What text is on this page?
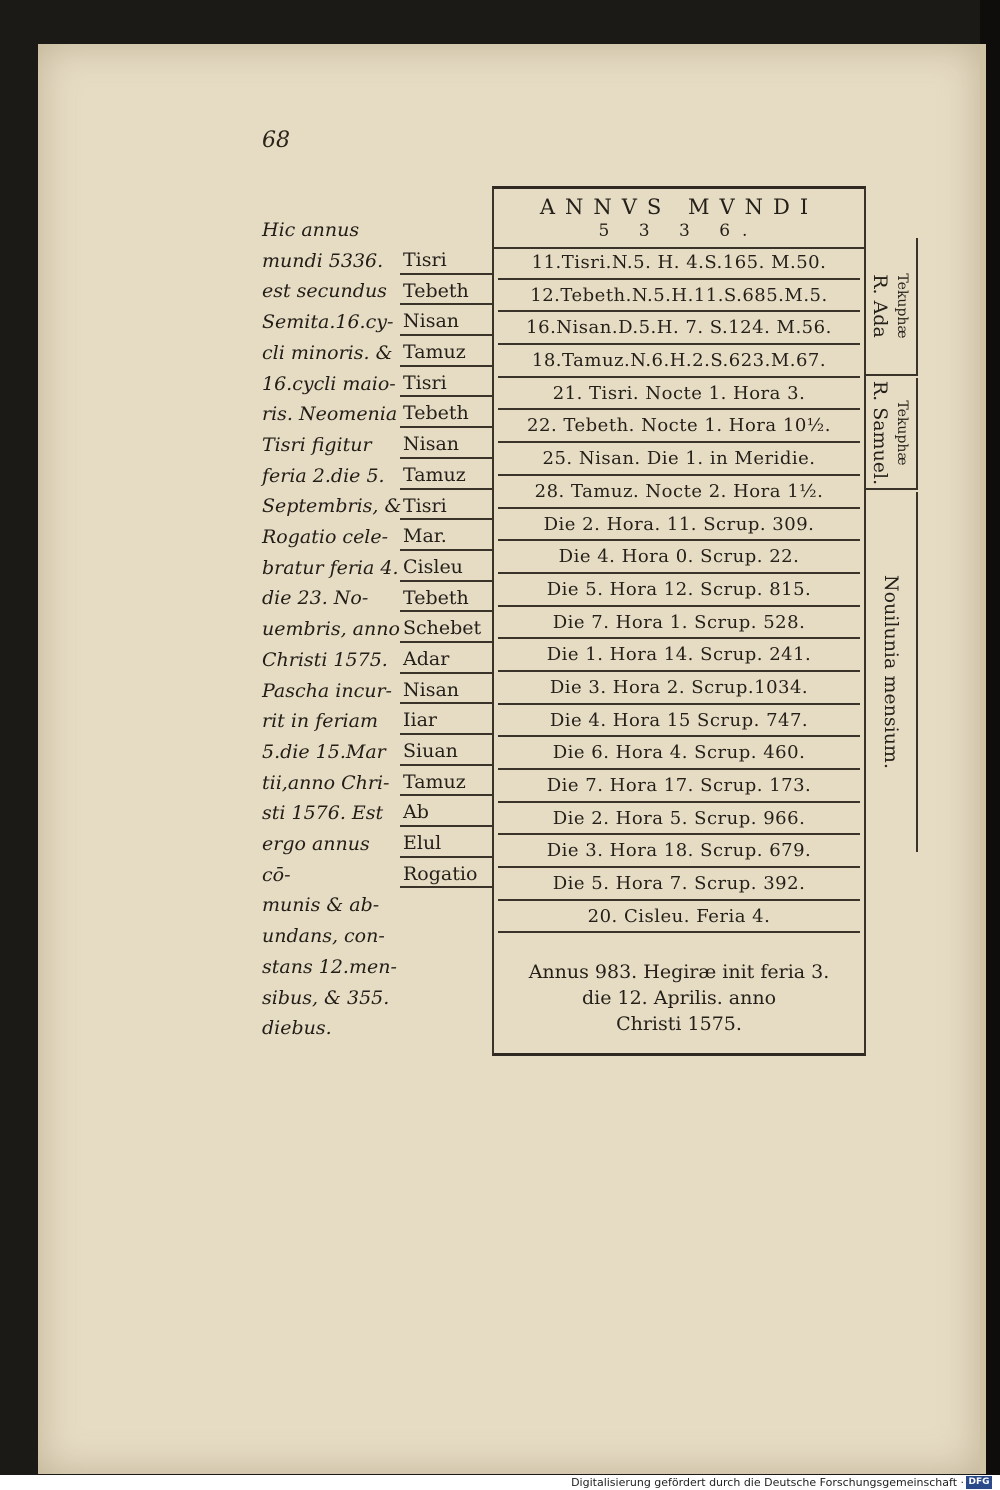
68
Hic annus
mundi 5336.
est secundus
Semita.16.cy-
cli minoris. &
16.cycli maio-
ris. Neomenia
Tisri figitur
feria 2.die 5.
Septembris, &
Rogatio cele-
bratur feria 4.
die 23. No-
uembris, anno
Christi 1575.
Pascha incur-
rit in feriam
5.die 15.Mar
tii,anno Chri-
sti 1576. Est
ergo annus cō-
munis & ab-
undans, con-
stans 12.men-
sibus, & 355.
diebus.
Tisri
Tebeth
Nisan
Tamuz
Tisri
Tebeth
Nisan
Tamuz
Tisri
Mar.
Cisleu
Tebeth
Schebet
Adar
Nisan
Iiar
Siuan
Tamuz
Ab
Elul
Rogatio
ANNVS MVNDI
5 3 3 6.
11.Tisri.N.5. H. 4.S.165. M.50.
12.Tebeth.N.5.H.11.S.685.M.5.
16.Nisan.D.5.H. 7. S.124. M.56.
18.Tamuz.N.6.H.2.S.623.M.67.
21. Tisri. Nocte 1. Hora 3.
22. Tebeth. Nocte 1. Hora 10½.
25. Nisan. Die 1. in Meridie.
28. Tamuz. Nocte 2. Hora 1½.
Die 2. Hora. 11. Scrup. 309.
Die 4. Hora 0. Scrup. 22.
Die 5. Hora 12. Scrup. 815.
Die 7. Hora 1. Scrup. 528.
Die 1. Hora 14. Scrup. 241.
Die 3. Hora 2. Scrup.1034.
Die 4. Hora 15 Scrup. 747.
Die 6. Hora 4. Scrup. 460.
Die 7. Hora 17. Scrup. 173.
Die 2. Hora 5. Scrup. 966.
Die 3. Hora 18. Scrup. 679.
Die 5. Hora 7. Scrup. 392.
20. Cisleu. Feria 4.
Annus 983. Hegiræ init feria 3.
die 12. Aprilis. anno
Christi 1575.
Tekuphæ
R. Ada
Tekuphæ
R. Samuel.
Nouilunia mensium.
Digitalisierung gefördert durch die Deutsche Forschungsgemeinschaft · DFG
